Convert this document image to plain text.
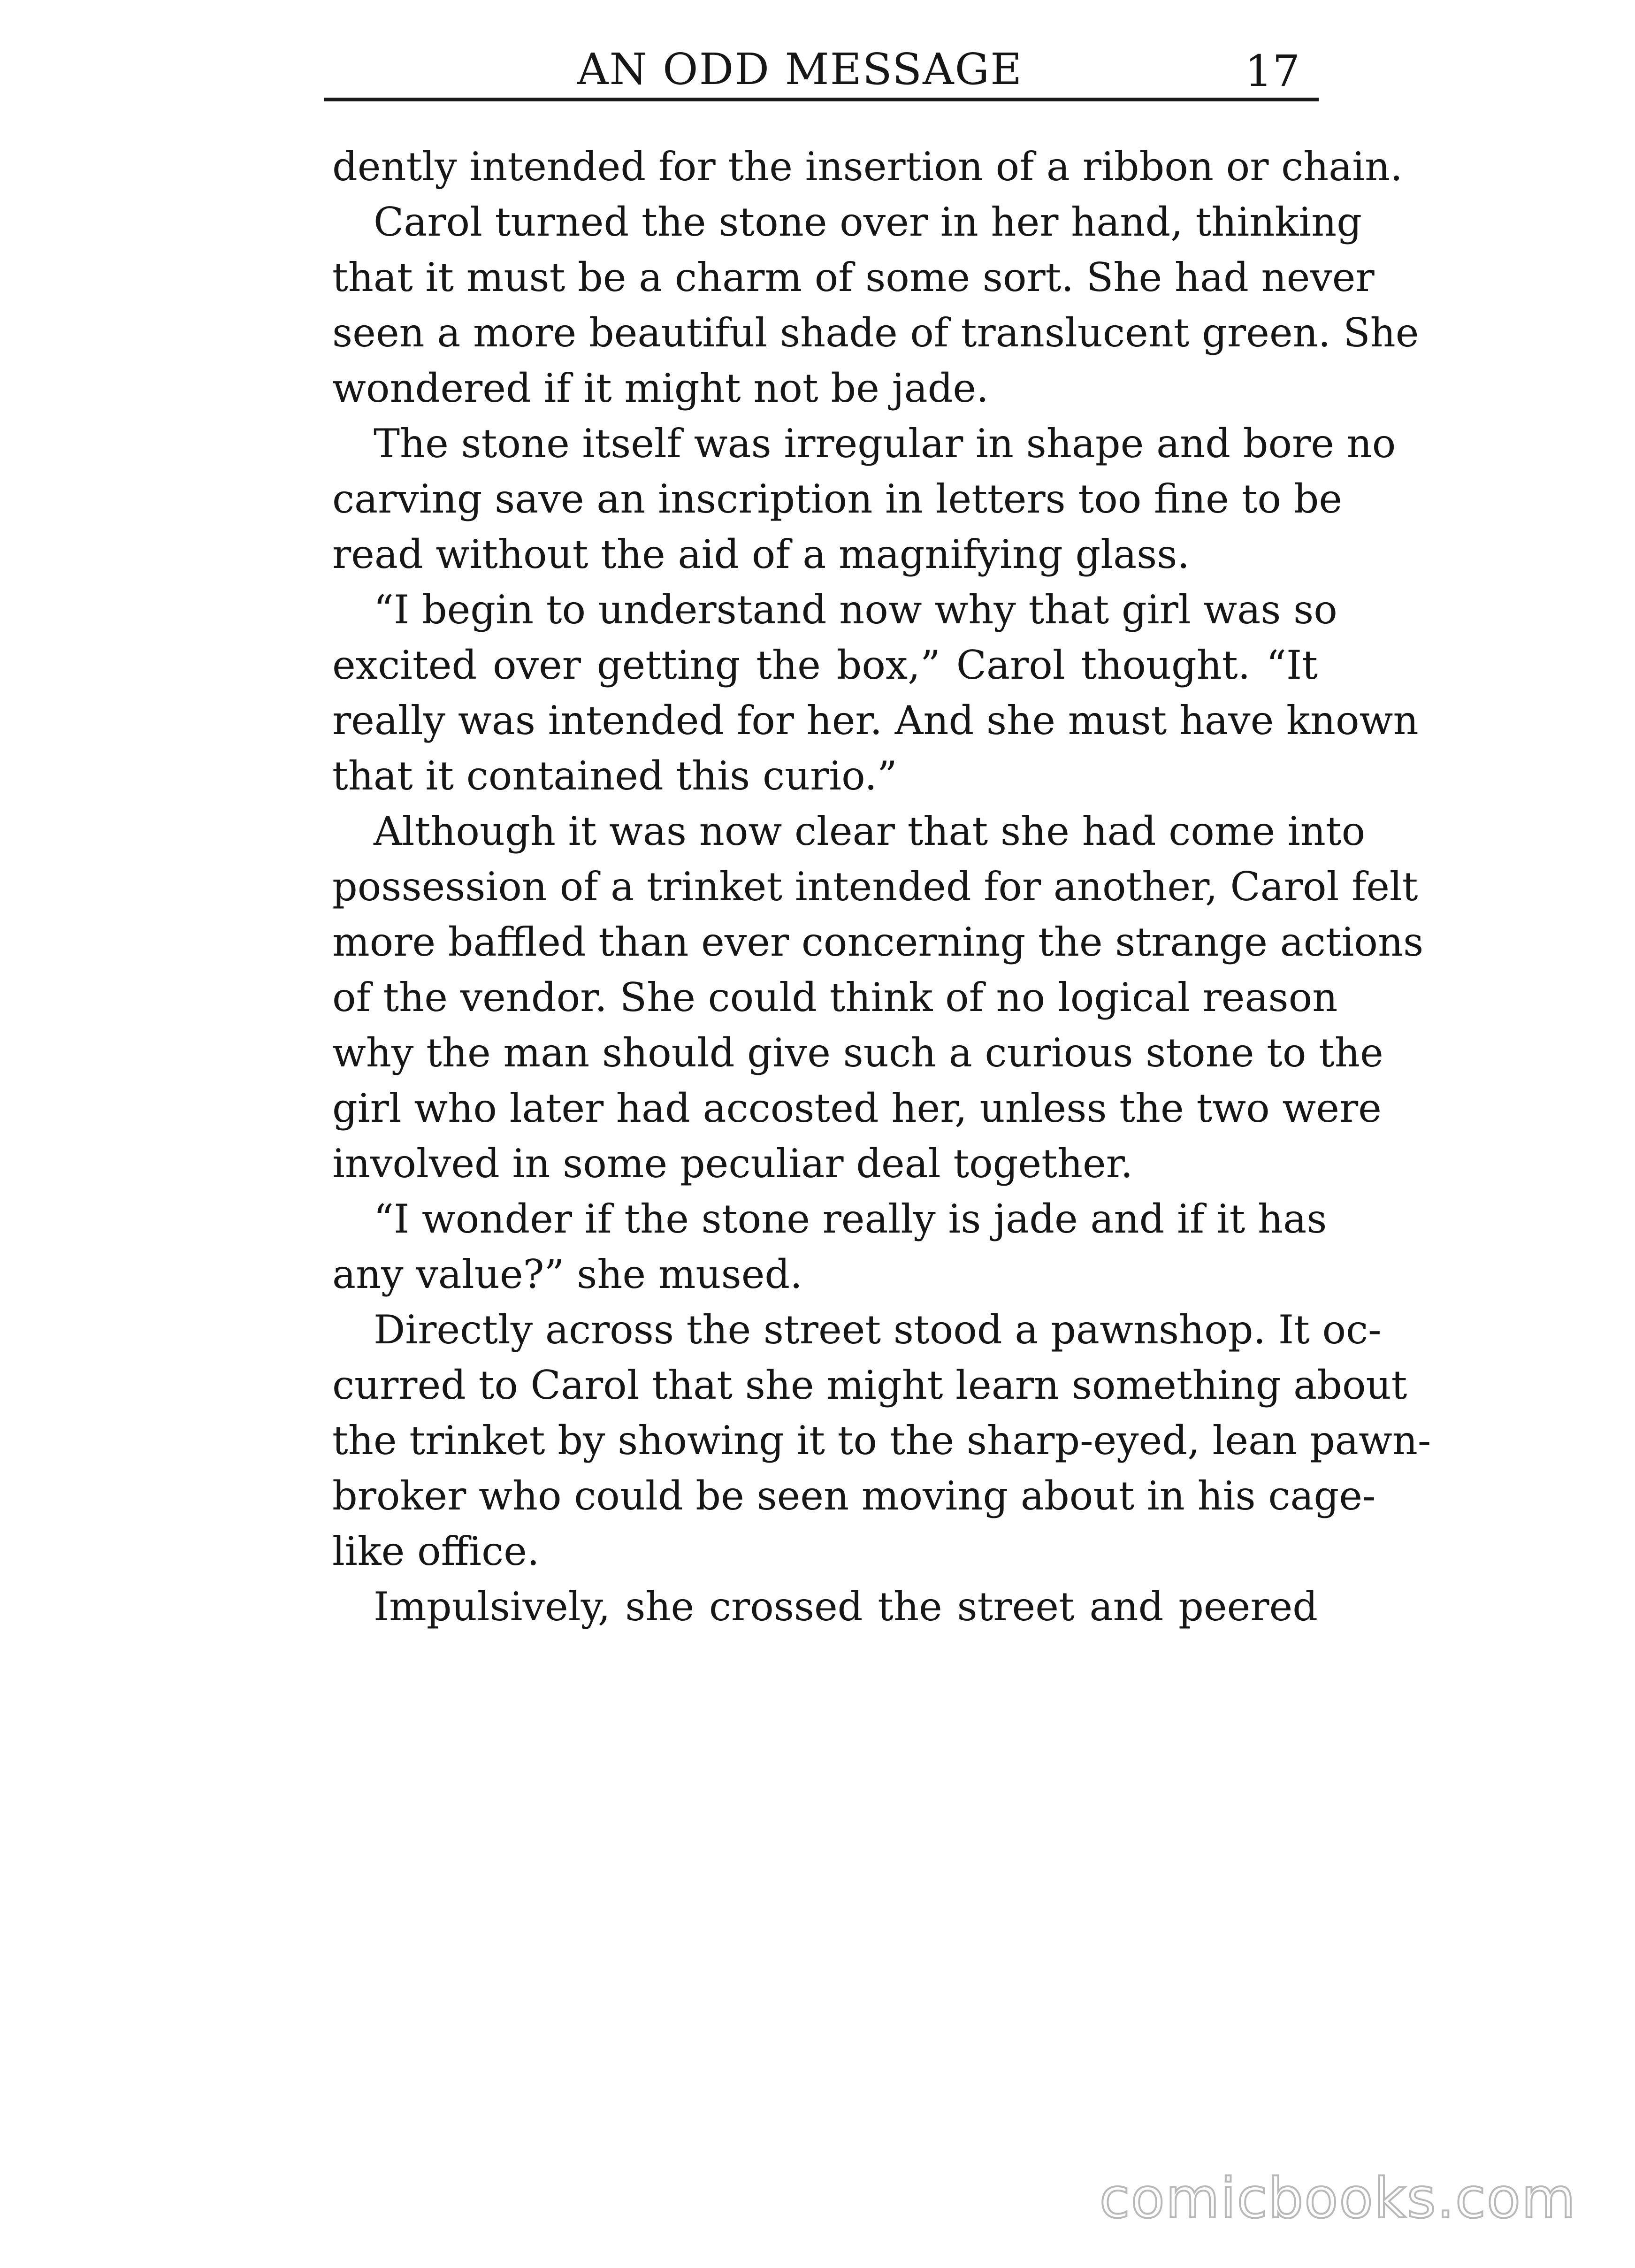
AN ODD MESSAGE	17
dently intended for the insertion of a ribbon or chain.
Carol turned the stone over in her hand, thinking
that it must be a charm of some sort. She had never
seen a more beautiful shade of translucent green. She
wondered if it might not be jade.
The stone itself was irregular in shape and bore no
carving save an inscription in letters too fine to be
read without the aid of a magnifying glass.
“I begin to understand now why that girl was so
excited over getting the box,” Carol thought. “It
really was intended for her. And she must have known
that it contained this curio.”
Although it was now clear that she had come into
possession of a trinket intended for another, Carol felt
more baffled than ever concerning the strange actions
of the vendor. She could think of no logical reason
why the man should give such a curious stone to the
girl who later had accosted her, unless the two were
involved in some peculiar deal together.
“I wonder if the stone really is jade and if it has
any value?” she mused.
Directly across the street stood a pawnshop. It oc-
curred to Carol that she might learn something about
the trinket by showing it to the sharp-eyed, lean pawn-
broker who could be seen moving about in his cage-
like office.
Impulsively, she crossed the street and peered
comicbooks.com
